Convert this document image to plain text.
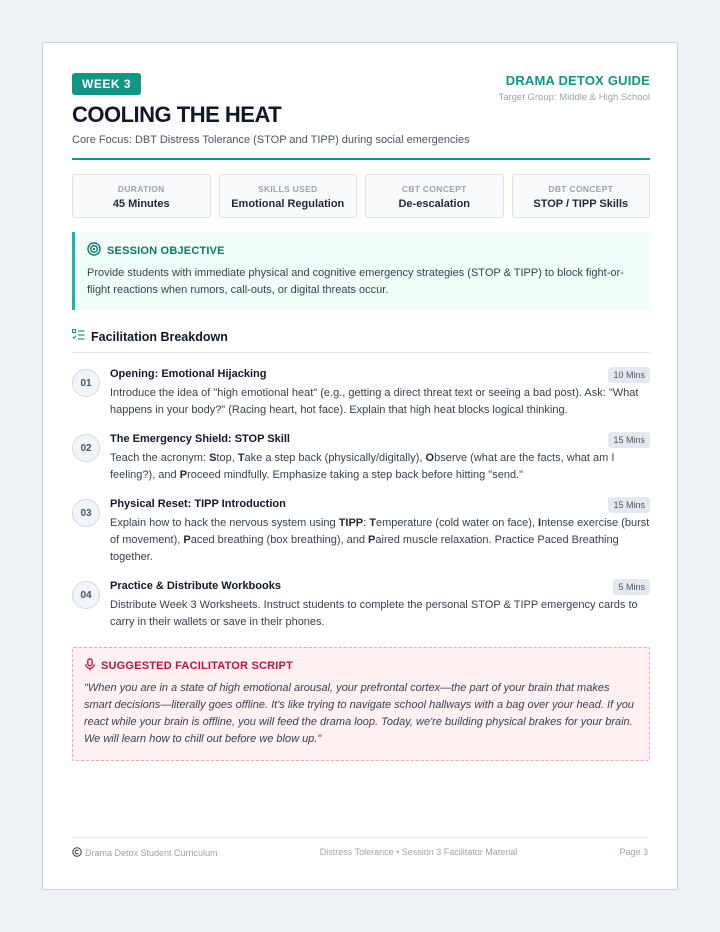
WEEK 3	DRAMA DETOX GUIDE
Target Group: Middle & High School
COOLING THE HEAT
Core Focus: DBT Distress Tolerance (STOP and TIPP) during social emergencies
DURATION
45 Minutes
SKILLS USED
Emotional Regulation
CBT CONCEPT
De-escalation
DBT CONCEPT
STOP / TIPP Skills
SESSION OBJECTIVE

Provide students with immediate physical and cognitive emergency strategies (STOP & TIPP) to block fight-or-flight reactions when rumors, call-outs, or digital threats occur.

Facilitation Breakdown
01
Opening: Emotional Hijacking	10 Mins

Introduce the idea of "high emotional heat" (e.g., getting a direct threat text or seeing a bad post). Ask: "What happens in your body?" (Racing heart, hot face). Explain that high heat blocks logical thinking.

02
The Emergency Shield: STOP Skill	15 Mins

Teach the acronym: Stop, Take a step back (physically/digitally), Observe (what are the facts, what am I feeling?), and Proceed mindfully. Emphasize taking a step back before hitting "send."

03
Physical Reset: TIPP Introduction	15 Mins

Explain how to hack the nervous system using TIPP: Temperature (cold water on face), Intense exercise (burst of movement), Paced breathing (box breathing), and Paired muscle relaxation. Practice Paced Breathing together.

04
Practice & Distribute Workbooks	5 Mins

Distribute Week 3 Worksheets. Instruct students to complete the personal STOP & TIPP emergency cards to carry in their wallets or save in their phones.

SUGGESTED FACILITATOR SCRIPT

"When you are in a state of high emotional arousal, your prefrontal cortex—the part of your brain that makes smart decisions—literally goes offline. It's like trying to navigate school hallways with a bag over your head. If you react while your brain is offline, you will feed the drama loop. Today, we're building physical brakes for your brain. We will learn how to chill out before we blow up."

Drama Detox Student Curriculum	Distress Tolerance • Session 3 Facilitator Material	Page 3
